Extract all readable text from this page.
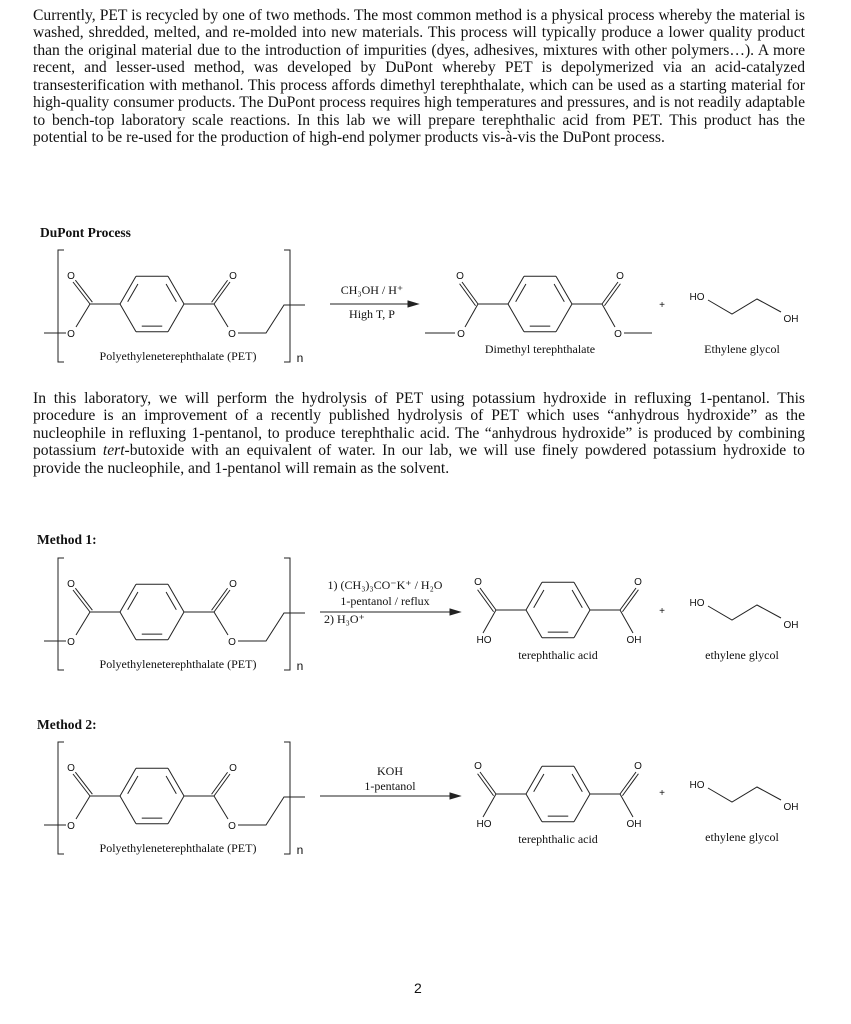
Currently, PET is recycled by one of two methods. The most common method is a physical process whereby the material is washed, shredded, melted, and re-molded into new materials. This process will typically produce a lower quality product than the original material due to the introduction of impurities (dyes, adhesives, mixtures with other polymers…). A more recent, and lesser-used method, was developed by DuPont whereby PET is depolymerized via an acid-catalyzed transesterification with methanol. This process affords dimethyl terephthalate, which can be used as a starting material for high-quality consumer products. The DuPont process requires high temperatures and pressures, and is not readily adaptable to bench-top laboratory scale reactions. In this lab we will prepare terephthalic acid from PET. This product has the potential to be re-used for the production of high-end polymer products vis-à-vis the DuPont process.

DuPont Process

In this laboratory, we will perform the hydrolysis of PET using potassium hydroxide in refluxing 1-pentanol. This procedure is an improvement of a recently published hydrolysis of PET which uses “anhydrous hydroxide” as the nucleophile in refluxing 1-pentanol, to produce terephthalic acid. The “anhydrous hydroxide” is produced by combining potassium tert-butoxide with an equivalent of water. In our lab, we will use finely powdered potassium hydroxide to provide the nucleophile, and 1-pentanol will remain as the solvent.

Method 1:
Method 2:
2
O
O	O
O
Polyethyleneterephthalate (PET)	n
CH₃OH / H⁺
High T, P
O	O
O	O
Dimethyl terephthalate
+
HO
OH
Ethylene glycol
O
O	O
O
Polyethyleneterephthalate (PET)	n
1) (CH₃)₃CO⁻K⁺ / H₂O
1-pentanol / reflux
2) H₃O⁺
O	O
HO	OH
terephthalic acid
+
HO
OH
ethylene glycol
O
O	O
O
Polyethyleneterephthalate (PET)	n
KOH
1-pentanol
O	O
HO	OH
terephthalic acid
+
HO
OH
ethylene glycol
